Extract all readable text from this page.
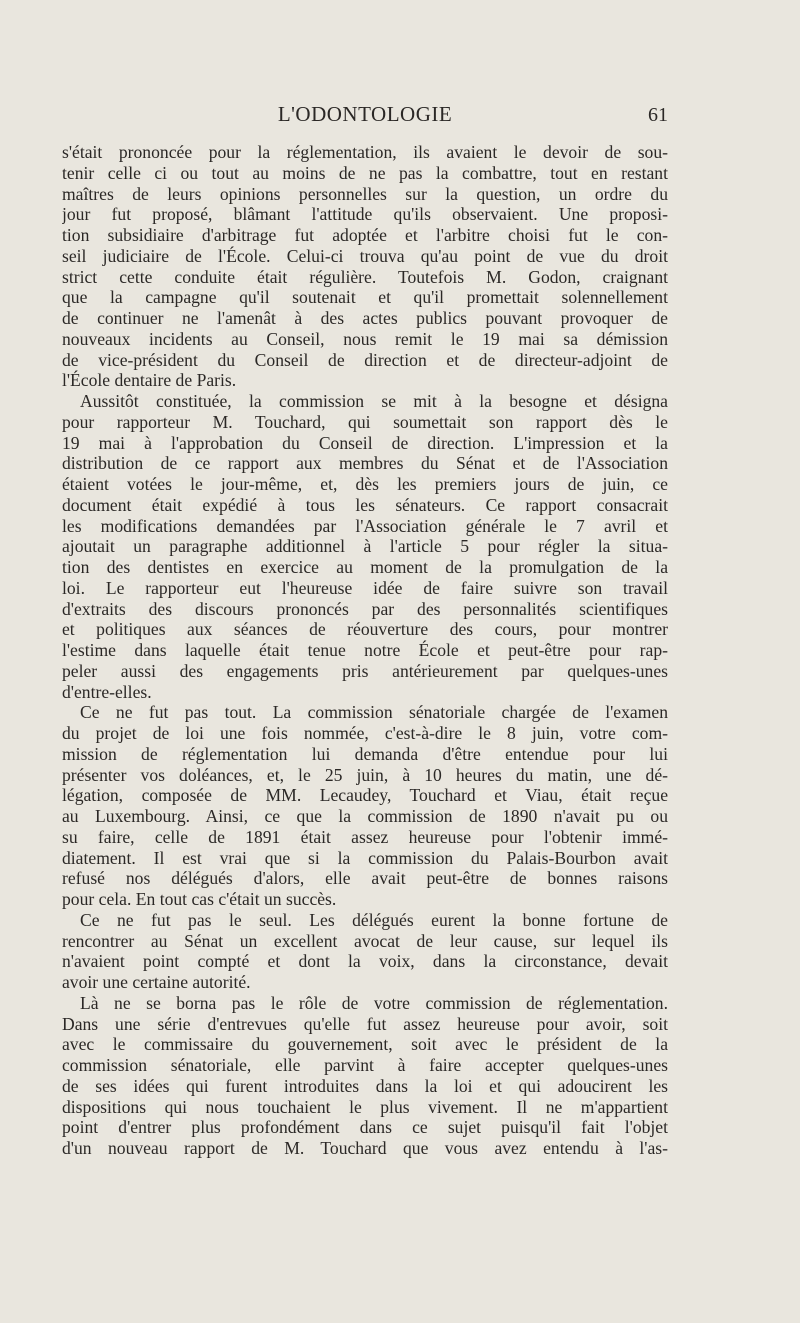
L'ODONTOLOGIE	61
s'était prononcée pour la réglementation, ils avaient le devoir de sou-
tenir celle ci ou tout au moins de ne pas la combattre, tout en restant
maîtres de leurs opinions personnelles sur la question, un ordre du
jour fut proposé, blâmant l'attitude qu'ils observaient. Une proposi-
tion subsidiaire d'arbitrage fut adoptée et l'arbitre choisi fut le con-
seil judiciaire de l'École. Celui-ci trouva qu'au point de vue du droit
strict cette conduite était régulière. Toutefois M. Godon, craignant
que la campagne qu'il soutenait et qu'il promettait solennellement
de continuer ne l'amenât à des actes publics pouvant provoquer de
nouveaux incidents au Conseil, nous remit le 19 mai sa démission
de vice-président du Conseil de direction et de directeur-adjoint de
l'École dentaire de Paris.
Aussitôt constituée, la commission se mit à la besogne et désigna
pour rapporteur M. Touchard, qui soumettait son rapport dès le
19 mai à l'approbation du Conseil de direction. L'impression et la
distribution de ce rapport aux membres du Sénat et de l'Association
étaient votées le jour-même, et, dès les premiers jours de juin, ce
document était expédié à tous les sénateurs. Ce rapport consacrait
les modifications demandées par l'Association générale le 7 avril et
ajoutait un paragraphe additionnel à l'article 5 pour régler la situa-
tion des dentistes en exercice au moment de la promulgation de la
loi. Le rapporteur eut l'heureuse idée de faire suivre son travail
d'extraits des discours prononcés par des personnalités scientifiques
et politiques aux séances de réouverture des cours, pour montrer
l'estime dans laquelle était tenue notre École et peut-être pour rap-
peler aussi des engagements pris antérieurement par quelques-unes
d'entre-elles.
Ce ne fut pas tout. La commission sénatoriale chargée de l'examen
du projet de loi une fois nommée, c'est-à-dire le 8 juin, votre com-
mission de réglementation lui demanda d'être entendue pour lui
présenter vos doléances, et, le 25 juin, à 10 heures du matin, une dé-
légation, composée de MM. Lecaudey, Touchard et Viau, était reçue
au Luxembourg. Ainsi, ce que la commission de 1890 n'avait pu ou
su faire, celle de 1891 était assez heureuse pour l'obtenir immé-
diatement. Il est vrai que si la commission du Palais-Bourbon avait
refusé nos délégués d'alors, elle avait peut-être de bonnes raisons
pour cela. En tout cas c'était un succès.
Ce ne fut pas le seul. Les délégués eurent la bonne fortune de
rencontrer au Sénat un excellent avocat de leur cause, sur lequel ils
n'avaient point compté et dont la voix, dans la circonstance, devait
avoir une certaine autorité.
Là ne se borna pas le rôle de votre commission de réglementation.
Dans une série d'entrevues qu'elle fut assez heureuse pour avoir, soit
avec le commissaire du gouvernement, soit avec le président de la
commission sénatoriale, elle parvint à faire accepter quelques-unes
de ses idées qui furent introduites dans la loi et qui adoucirent les
dispositions qui nous touchaient le plus vivement. Il ne m'appartient
point d'entrer plus profondément dans ce sujet puisqu'il fait l'objet
d'un nouveau rapport de M. Touchard que vous avez entendu à l'as-
